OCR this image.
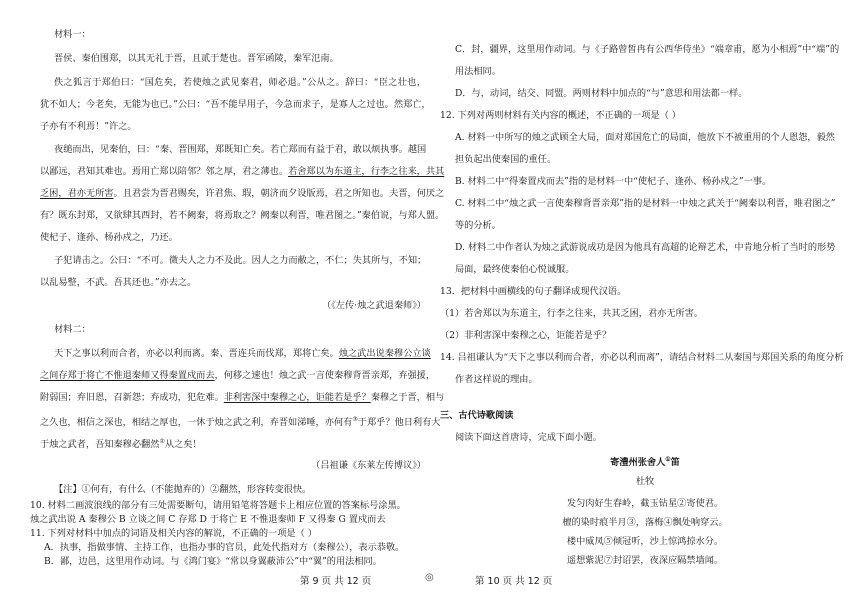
材料一：
晋侯、秦伯围郑，以其无礼于晋，且贰于楚也。晋军函陵，秦军氾南。
佚之狐言于郑伯曰：“国危矣，若使烛之武见秦君，师必退。”公从之。辞曰：“臣之壮也，
犹不如人；今老矣，无能为也已。”公曰：“吾不能早用子，今急而求子，是寡人之过也。然郑亡，
子亦有不利焉！”许之。
夜缒而出，见秦伯，曰：“秦、晋围郑，郑既知亡矣。若亡郑而有益于君，敢以烦执事。越国
以鄙远，君知其难也。焉用亡郑以陪邻？邻之厚，君之薄也。若舍郑以为东道主，行李之往来，共其
乏困，君亦无所害。且君尝为晋君赐矣，许君焦、瑕，朝济而夕设版焉，君之所知也。夫晋，何厌之
有？既东封郑，又欲肆其西封，若不阙秦，将焉取之？阙秦以利晋，唯君图之。”秦伯说，与郑人盟。
使杞子、逢孙、杨孙戍之，乃还。
子犯请击之。公曰：“不可。微夫人之力不及此。因人之力而敝之，不仁；失其所与，不知；
以乱易整，不武。吾其还也。”亦去之。
（《左传·烛之武退秦师》）
材料二：
天下之事以利而合者，亦必以利而离。秦、晋连兵而伐郑，郑将亡矣。烛之武出说秦穆公立谈
之间存郑于将亡不惟退秦师又得秦置戍而去，何移之速也！烛之武一言使秦穆背晋亲郑，弃强援，
附弱国；弃旧恩，召新怨；弃成功，犯危难。非利害深中秦穆之心，讵能若是乎？秦穆之于晋，相与
之久也，相信之深也，相结之厚也，一休于烛之武之利，弃晋如涕唾，亦何有③于郑乎？他日利有大
于烛之武者，吾知秦穆必翻然②从之矣！
（吕祖谦《东莱左传博议》）
【注】①何有，有什么（不能抛弃的）②翻然，形容转变很快。
10. 材料二画波浪线的部分有三处需要断句，请用铅笔将答题卡上相应位置的答案标号涂黑。
烛之武出说 A 秦穆公 B 立谈之间 C 存郑 D 于将亡 E 不惟退秦师 F 又得秦 G 置戍而去
11. 下列对材料中加点的词语及相关内容的解说，不正确的一项是（ ）
A．执事，指做事情、主持工作，也指办事的官员，此处代指对方（秦穆公），表示恭敬。
B．鄙，边邑，这里用作动词。与《鸿门宴》“常以身翼蔽沛公”中“翼”的用法相同。
C．封，疆界，这里用作动词。与《子路曾皙冉有公西华侍坐》“端章甫，愿为小相焉”中“端”的
用法相同。
D．与，动词，结交、同盟。两则材料中加点的“与”意思和用法都一样。
12. 下列对两则材料有关内容的概述，不正确的一项是（ ）
A. 材料一中所写的烛之武顾全大局，面对郑国危亡的局面，他放下不被重用的个人恩怨，毅然
担负起出使秦国的重任。
B. 材料二中“得秦置戍而去”指的是材料一中“使杞子、逢孙、杨孙戍之”一事。
C. 材料二中“烛之武一言使秦穆背晋亲郑”指的是材料一中烛之武关于“阙秦以利晋，唯君图之”
等的分析。
D. 材料二中作者认为烛之武游说成功是因为他具有高超的论辩艺术，中肯地分析了当时的形势
局面，最终使秦伯心悦诚服。
13．把材料中画横线的句子翻译成现代汉语。
（1）若舍郑以为东道主，行李之往来，共其乏困，君亦无所害。
（2）非利害深中秦穆之心，讵能若是乎？
14. 吕祖谦认为“天下之事以利而合者，亦必以利而离”，请结合材料二从秦国与郑国关系的角度分析
作者这样说的理由。
三、古代诗歌阅读
阅读下面这首唐诗，完成下面小题。
寄澧州张舍人①笛
杜牧
发匀肉好生春岭，截玉钻星②寄使君。
檀的染时痕半月③，落梅④飘处响穿云。
楼中威凤⑤倾冠听，沙上惊鸿掠水分。
遥想紫泥⑦封诏罢，夜深应隔禁墙闻。
第 9 页 共 12 页	◎	第 10 页 共 12 页
